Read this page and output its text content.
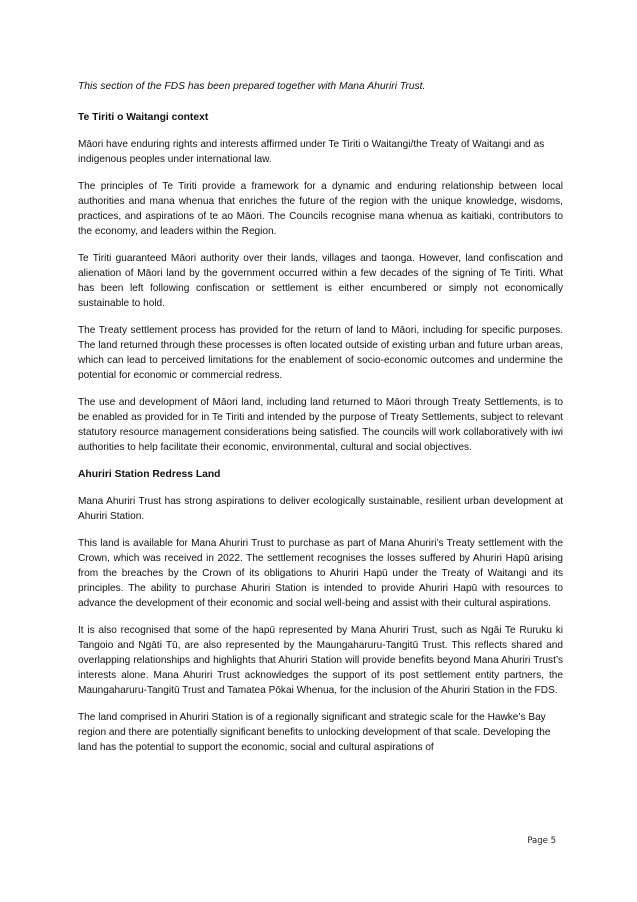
This section of the FDS has been prepared together with Mana Ahuriri Trust.
Te Tiriti o Waitangi context

Māori have enduring rights and interests affirmed under Te Tiriti o Waitangi/the Treaty of Waitangi and as indigenous peoples under international law.

The principles of Te Tiriti provide a framework for a dynamic and enduring relationship between local authorities and mana whenua that enriches the future of the region with the unique knowledge, wisdoms, practices, and aspirations of te ao Māori. The Councils recognise mana whenua as kaitiaki, contributors to the economy, and leaders within the Region.

Te Tiriti guaranteed Māori authority over their lands, villages and taonga. However, land confiscation and alienation of Māori land by the government occurred within a few decades of the signing of Te Tiriti. What has been left following confiscation or settlement is either encumbered or simply not economically sustainable to hold.

The Treaty settlement process has provided for the return of land to Māori, including for specific purposes. The land returned through these processes is often located outside of existing urban and future urban areas, which can lead to perceived limitations for the enablement of socio-economic outcomes and undermine the potential for economic or commercial redress.

The use and development of Māori land, including land returned to Māori through Treaty Settlements, is to be enabled as provided for in Te Tiriti and intended by the purpose of Treaty Settlements, subject to relevant statutory resource management considerations being satisfied. The councils will work collaboratively with iwi authorities to help facilitate their economic, environmental, cultural and social objectives.

Ahuriri Station Redress Land

Mana Ahuriri Trust has strong aspirations to deliver ecologically sustainable, resilient urban development at Ahuriri Station.

This land is available for Mana Ahuriri Trust to purchase as part of Mana Ahuriri’s Treaty settlement with the Crown, which was received in 2022. The settlement recognises the losses suffered by Ahuriri Hapū arising from the breaches by the Crown of its obligations to Ahuriri Hapū under the Treaty of Waitangi and its principles. The ability to purchase Ahuriri Station is intended to provide Ahuriri Hapū with resources to advance the development of their economic and social well-being and assist with their cultural aspirations.

It is also recognised that some of the hapū represented by Mana Ahuriri Trust, such as Ngāi Te Ruruku ki Tangoio and Ngāti Tū, are also represented by the Maungaharuru-Tangitū Trust. This reflects shared and overlapping relationships and highlights that Ahuriri Station will provide benefits beyond Mana Ahuriri Trust’s interests alone. Mana Ahuriri Trust acknowledges the support of its post settlement entity partners, the Maungaharuru-Tangitū Trust and Tamatea Pōkai Whenua, for the inclusion of the Ahuriri Station in the FDS.

The land comprised in Ahuriri Station is of a regionally significant and strategic scale for the Hawke’s Bay region and there are potentially significant benefits to unlocking development of that scale. Developing the land has the potential to support the economic, social and cultural aspirations of

Page 5
